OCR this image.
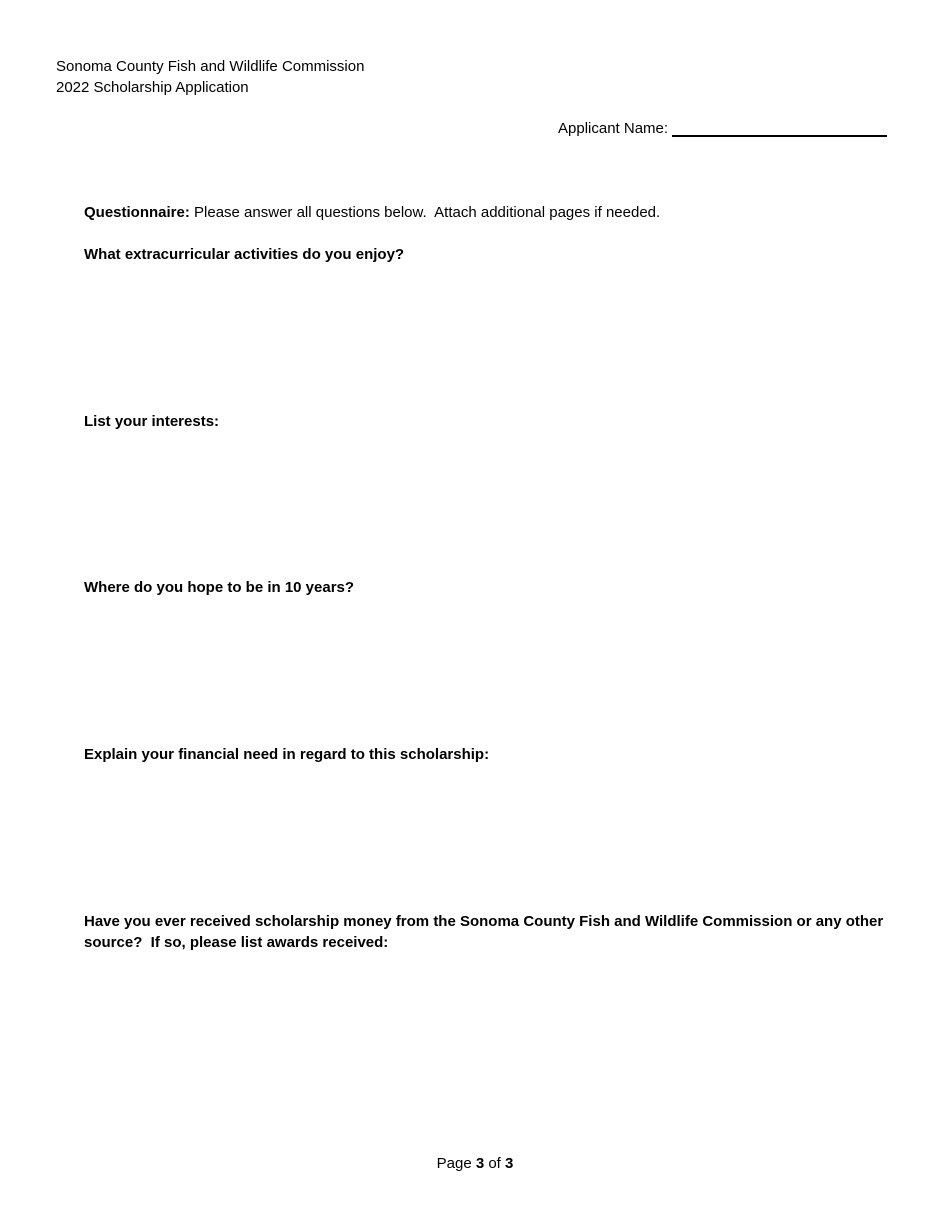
Sonoma County Fish and Wildlife Commission
2022 Scholarship Application
Applicant Name:
Questionnaire: Please answer all questions below.  Attach additional pages if needed.
What extracurricular activities do you enjoy?
List your interests:
Where do you hope to be in 10 years?
Explain your financial need in regard to this scholarship:
Have you ever received scholarship money from the Sonoma County Fish and Wildlife Commission or any other source?  If so, please list awards received:
Page 3 of 3
